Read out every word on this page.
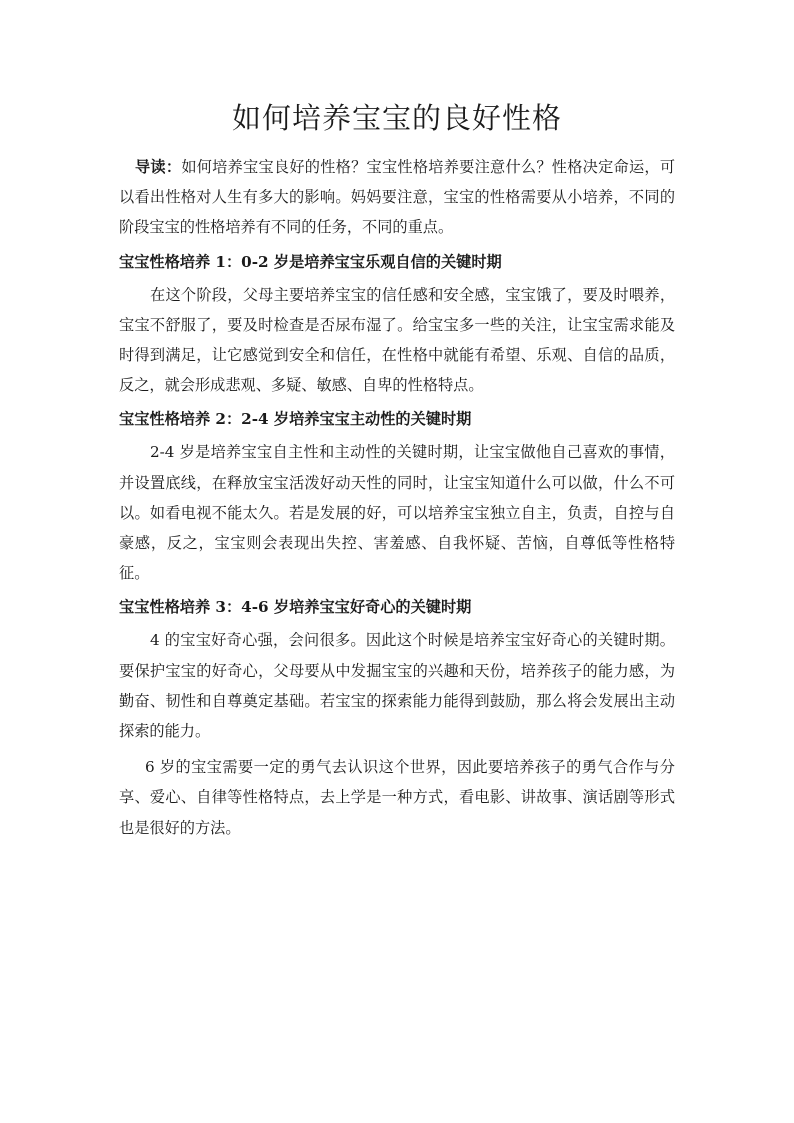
如何培养宝宝的良好性格

导读：如何培养宝宝良好的性格？宝宝性格培养要注意什么？性格决定命运，可以看出性格对人生有多大的影响。妈妈要注意，宝宝的性格需要从小培养，不同的阶段宝宝的性格培养有不同的任务，不同的重点。

宝宝性格培养 1：0-2 岁是培养宝宝乐观自信的关键时期

在这个阶段，父母主要培养宝宝的信任感和安全感，宝宝饿了，要及时喂养，宝宝不舒服了，要及时检查是否尿布湿了。给宝宝多一些的关注，让宝宝需求能及时得到满足，让它感觉到安全和信任，在性格中就能有希望、乐观、自信的品质，反之，就会形成悲观、多疑、敏感、自卑的性格特点。

宝宝性格培养 2：2-4 岁培养宝宝主动性的关键时期

2-4 岁是培养宝宝自主性和主动性的关键时期，让宝宝做他自己喜欢的事情，并设置底线，在释放宝宝活泼好动天性的同时，让宝宝知道什么可以做，什么不可以。如看电视不能太久。若是发展的好，可以培养宝宝独立自主，负责，自控与自豪感，反之，宝宝则会表现出失控、害羞感、自我怀疑、苦恼，自尊低等性格特征。

宝宝性格培养 3：4-6 岁培养宝宝好奇心的关键时期

4 的宝宝好奇心强，会问很多。因此这个时候是培养宝宝好奇心的关键时期。要保护宝宝的好奇心，父母要从中发掘宝宝的兴趣和天份，培养孩子的能力感，为勤奋、韧性和自尊奠定基础。若宝宝的探索能力能得到鼓励，那么将会发展出主动探索的能力。

6 岁的宝宝需要一定的勇气去认识这个世界，因此要培养孩子的勇气合作与分享、爱心、自律等性格特点，去上学是一种方式，看电影、讲故事、演话剧等形式也是很好的方法。
